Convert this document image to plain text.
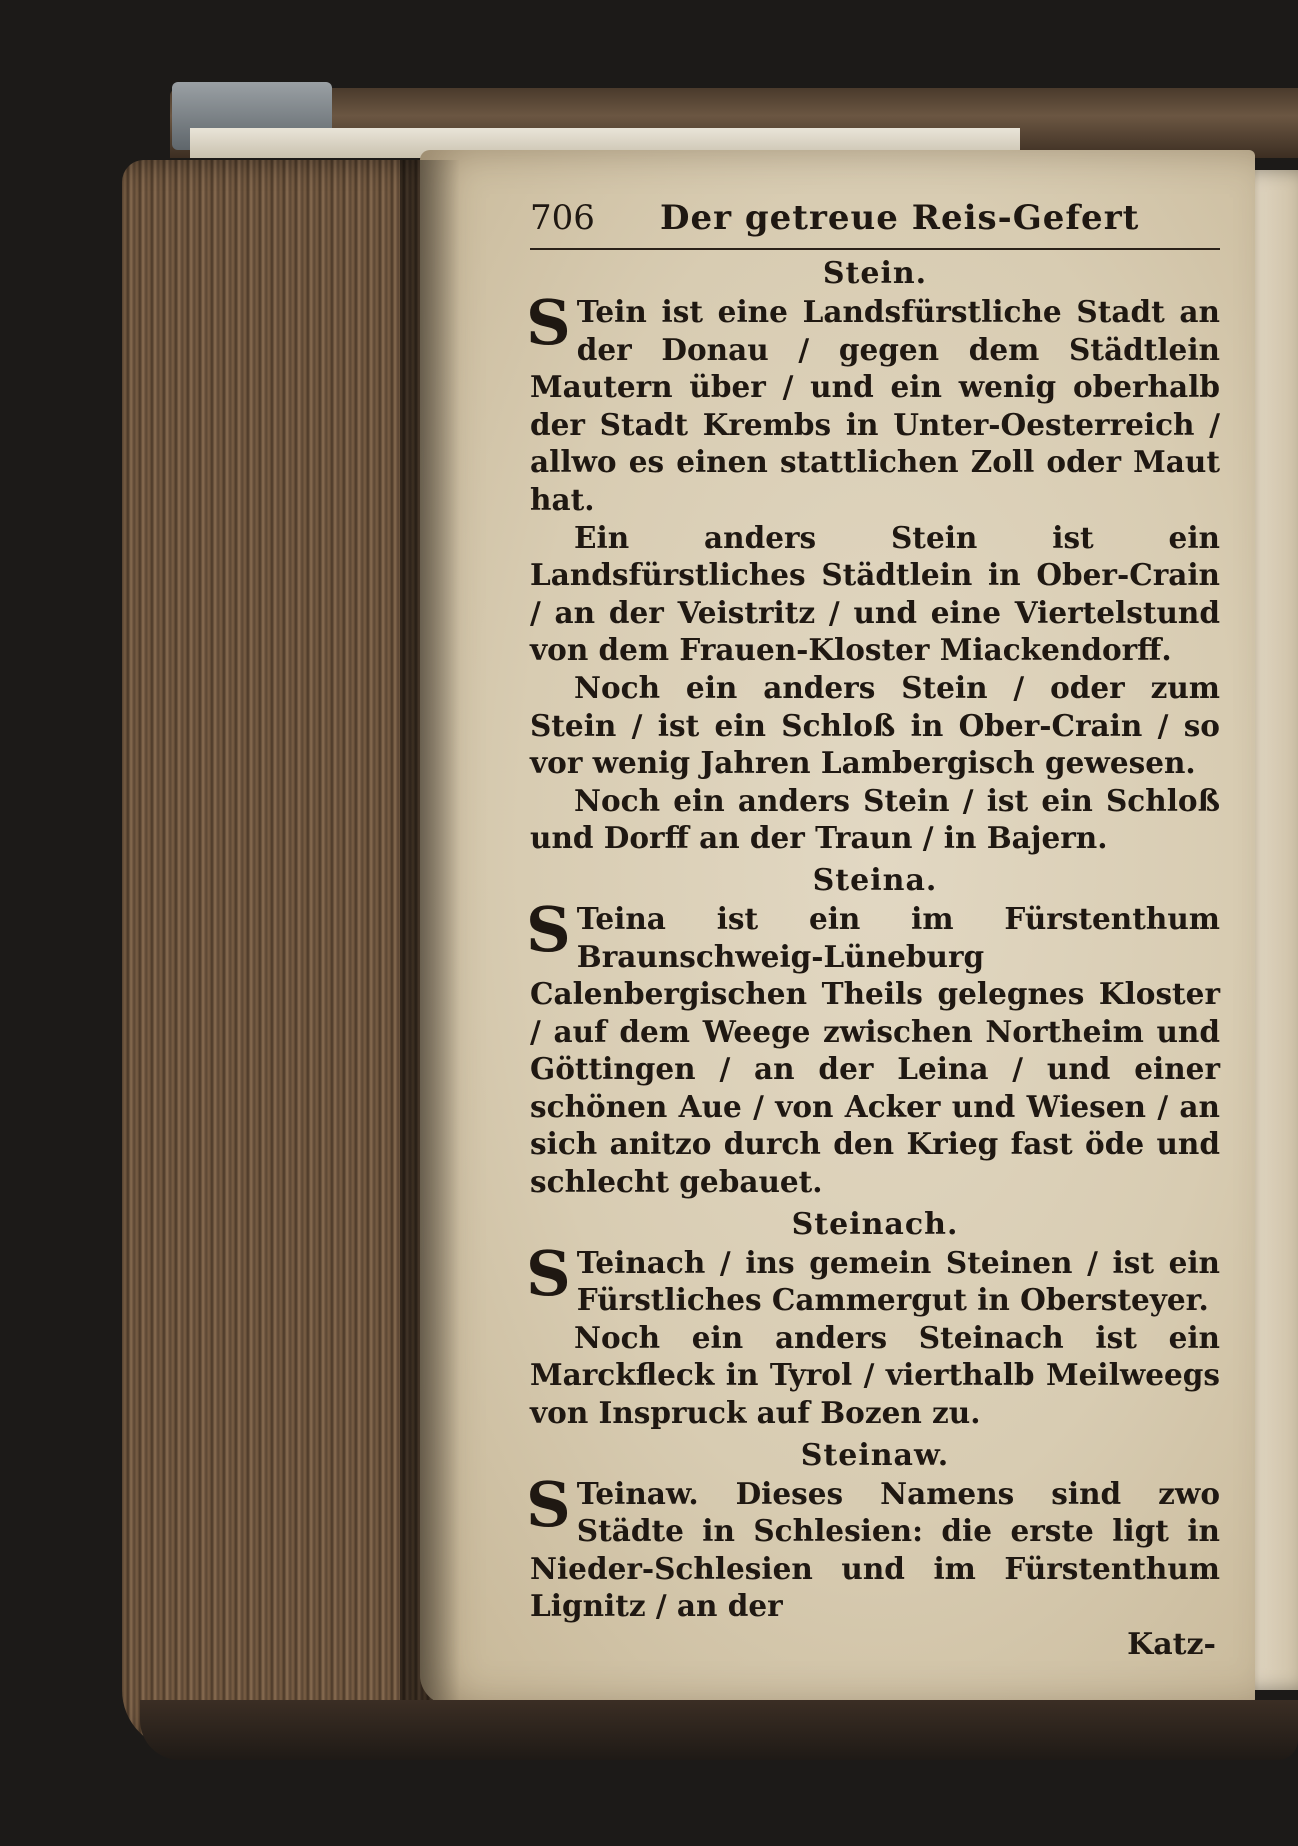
706	Der getreue Reis-Gefert
Stein.

S Tein ist eine Landsfürstliche Stadt an der Donau / gegen dem Städtlein Mautern über / und ein wenig oberhalb der Stadt Krembs in Unter-Oesterreich / allwo es einen stattlichen Zoll oder Maut hat.

Ein anders Stein ist ein Landsfürstliches Städtlein in Ober-Crain / an der Veistritz / und eine Viertelstund von dem Frauen-Kloster Miackendorff.

Noch ein anders Stein / oder zum Stein / ist ein Schloß in Ober-Crain / so vor wenig Jahren Lambergisch gewesen.

Noch ein anders Stein / ist ein Schloß und Dorff an der Traun / in Bajern.

Steina.

S Teina ist ein im Fürstenthum Braunschweig-Lüneburg Calenbergischen Theils gelegnes Kloster / auf dem Weege zwischen Northeim und Göttingen / an der Leina / und einer schönen Aue / von Acker und Wiesen / an sich anitzo durch den Krieg fast öde und schlecht gebauet.

Steinach.

S Teinach / ins gemein Steinen / ist ein Fürstliches Cammergut in Obersteyer.

Noch ein anders Steinach ist ein Marckfleck in Tyrol / vierthalb Meilweegs von Inspruck auf Bozen zu.

Steinaw.

S Teinaw. Dieses Namens sind zwo Städte in Schlesien: die erste ligt in Nieder-Schlesien und im Fürstenthum Lignitz / an der

Katz-
